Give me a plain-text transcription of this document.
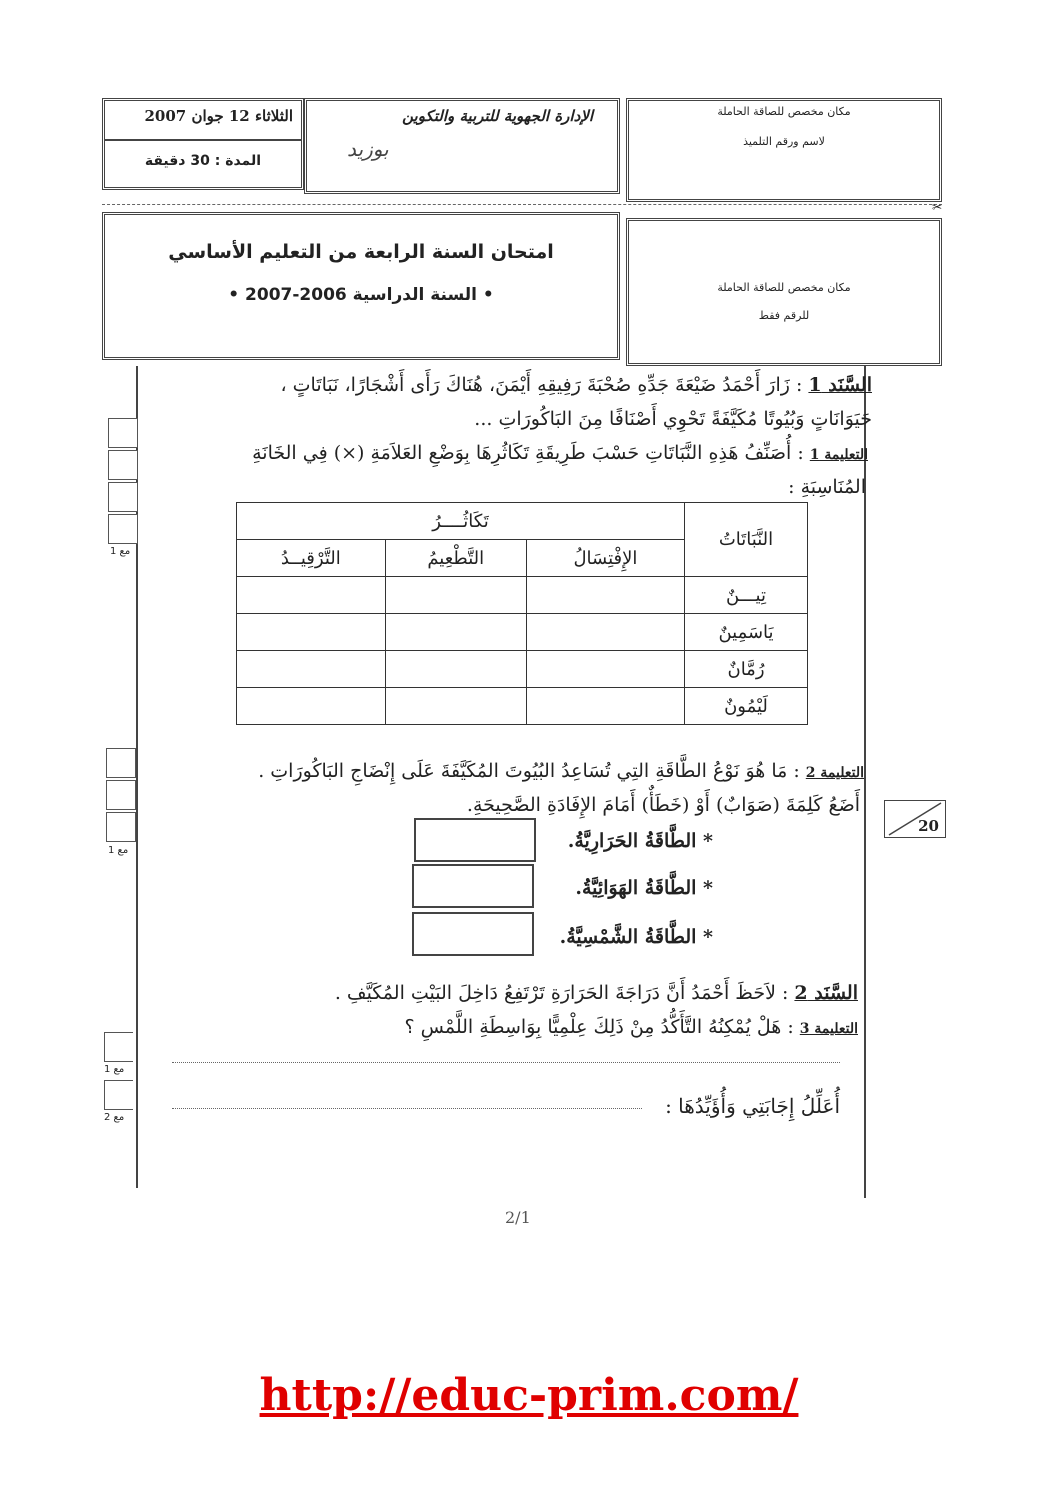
الثلاثاء 12 جوان 2007
المدة : 30 دقيقة
الإدارة الجهوية للتربية والتكوين
بوزيد
مكان مخصص للصاقة الحاملة
لاسم ورقم التلميذ
✂
امتحان السنة الرابعة من التعليم الأساسي
• السنة الدراسية 2006-2007 •	مكان مخصص للصاقة الحاملة
للرقم فقط
السَّنَد 1 : زَارَ أَحْمَدُ ضَيْعَةَ جَدِّهِ صُحْبَةَ رَفِيقِهِ أَيْمَنَ، هُنَاكَ رَأَى أَشْجَارًا، نَبَاتَاتٍ ،
حَيَوَانَاتٍ وَبُيُوتًا مُكَيَّفَةً تَحْوِي أَصْنَافًا مِنَ البَاكُورَاتِ ...
التعليمة 1 : أُصَنِّفُ هَذِهِ النَّبَاتَاتِ حَسْبَ طَرِيقَةِ تَكَاثُرِهَا بِوَضْعِ العَلاَمَةِ (×) فِي الخَانَةِ
المُنَاسِبَةِ :
مع 1
النَّبَاتَاتُ	تَكَاثُــــرُ		
	الإِفْتِسَالُ	التَّطْعِيمُ	التَّرْقِيــدُ
تِيـــنٌ			
يَاسَمِينٌ			
رُمَّانٌ			
لَيْمُونٌ			
التعليمة 2 : مَا هُوَ نَوْعُ الطَّاقَةِ التِي تُسَاعِدُ البُيُوتَ المُكَيَّفَةَ عَلَى إِنْضَاجِ البَاكُورَاتِ .
أَضَعُ كَلِمَةَ (صَوَابٌ) أَوْ (خَطَأٌ) أَمَامَ الإِفَادَةِ الصَّحِيحَةِ.
* الطَّاقَةُ الحَرَارِيَّةُ.
* الطَّاقَةُ الهَوَائِيَّةُ.
* الطَّاقَةُ الشَّمْسِيَّةُ.
مع 1
20
السَّنَد 2 : لاَحَظَ أَحْمَدُ أَنَّ دَرَاجَةَ الحَرَارَةِ تَرْتَفِعُ دَاخِلَ البَيْتِ المُكَيَّفِ .
التعليمة 3 : هَلْ يُمْكِنُهُ التَّأَكُّدُ مِنْ ذَلِكَ عِلْمِيًّا بِوَاسِطَةِ اللَّمْسِ ؟
أُعَلِّلُ إِجَابَتِي وَأُؤَيِّدُهَا :
مع 1
مع 2
2/1
http://educ-prim.com/
